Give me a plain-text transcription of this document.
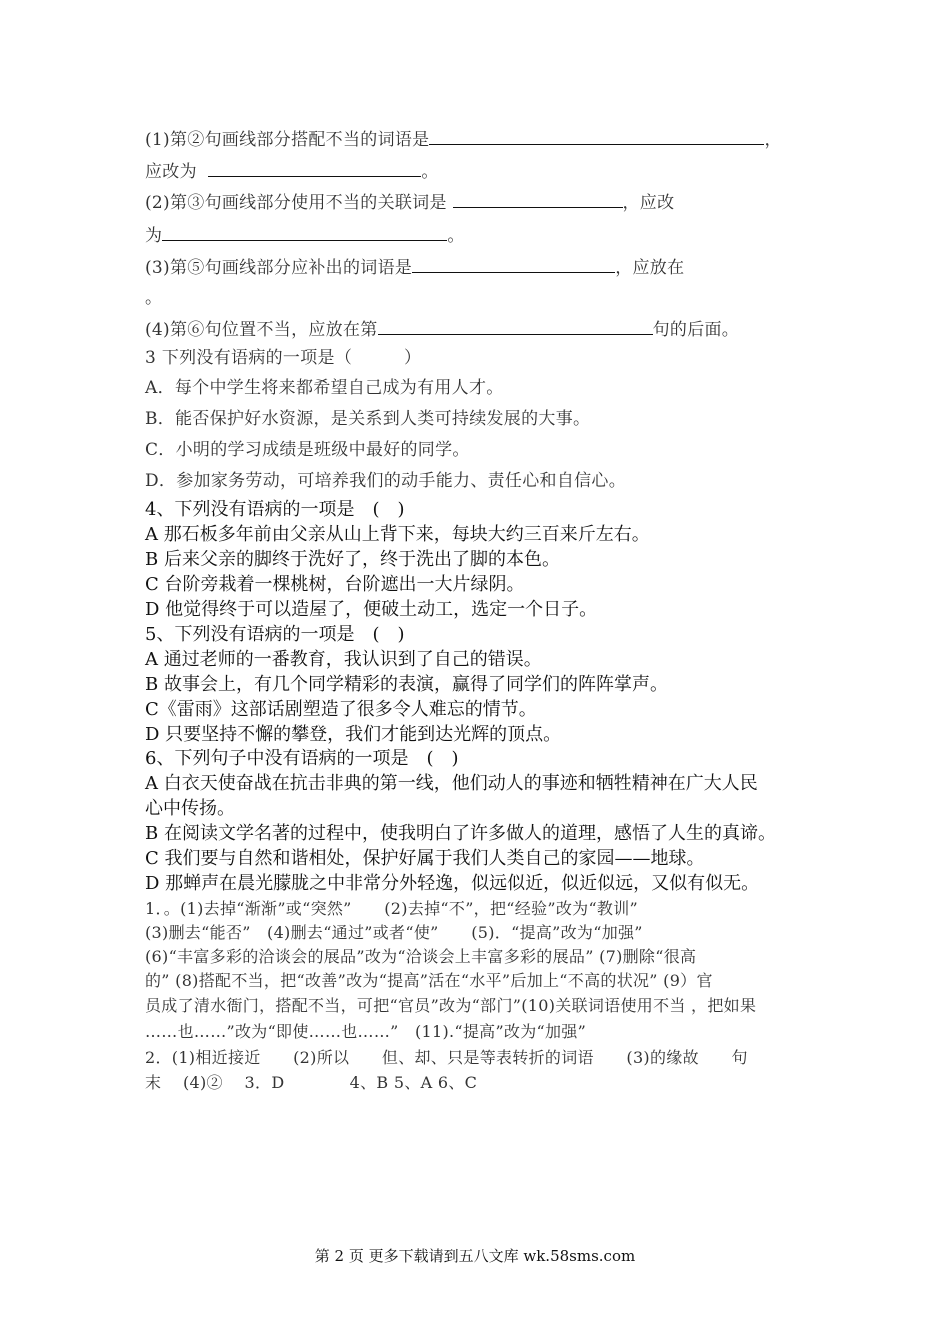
(1)第②句画线部分搭配不当的词语是	，
应改为	。
(2)第③句画线部分使用不当的关联词是	，应改
为	。
(3)第⑤句画线部分应补出的词语是	，应放在
。
(4)第⑥句位置不当，应放在第	句的后面。
3 下列没有语病的一项是（　　　）
A．每个中学生将来都希望自己成为有用人才。
B．能否保护好水资源，是关系到人类可持续发展的大事。
C．小明的学习成绩是班级中最好的同学。
D．参加家务劳动，可培养我们的动手能力、责任心和自信心。
4、下列没有语病的一项是　(　)
A 那石板多年前由父亲从山上背下来，每块大约三百来斤左右。
B 后来父亲的脚终于洗好了，终于洗出了脚的本色。
C 台阶旁栽着一棵桃树，台阶遮出一大片绿阴。
D 他觉得终于可以造屋了，便破土动工，选定一个日子。
5、下列没有语病的一项是　(　)
A 通过老师的一番教育，我认识到了自己的错误。
B 故事会上，有几个同学精彩的表演，赢得了同学们的阵阵掌声。
C《雷雨》这部话剧塑造了很多令人难忘的情节。
D 只要坚持不懈的攀登，我们才能到达光辉的顶点。
6、下列句子中没有语病的一项是　(　)
A 白衣天使奋战在抗击非典的第一线，他们动人的事迹和牺牲精神在广大人民
心中传扬。
B 在阅读文学名著的过程中，使我明白了许多做人的道理，感悟了人生的真谛。
C 我们要与自然和谐相处，保护好属于我们人类自己的家园——地球。
D 那蝉声在晨光朦胧之中非常分外轻逸，似远似近，似近似远，又似有似无。
1．。(1)去掉“渐渐”或“突然”　　(2)去掉“不”，把“经验”改为“教训”
(3)删去“能否”　(4)删去“通过”或者“使”　　(5)．“提高”改为“加强”
(6)“丰富多彩的洽谈会的展品”改为“洽谈会上丰富多彩的展品” (7)删除“很高
的” (8)搭配不当，把“改善”改为“提高”活在“水平”后加上“不高的状况” (9）官
员成了清水衙门，搭配不当，可把“官员”改为“部门”(10)关联词语使用不当 ，把如果
……也……”改为“即使……也……”　(11).“提高”改为“加强”
2．(1)相近接近　　(2)所以　　但、却、只是等表转折的词语　　(3)的缘故　　句
末　 (4)②　 3．D　　　　4、B 5、A 6、C
第 2 页 更多下载请到五八文库 wk.58sms.com
